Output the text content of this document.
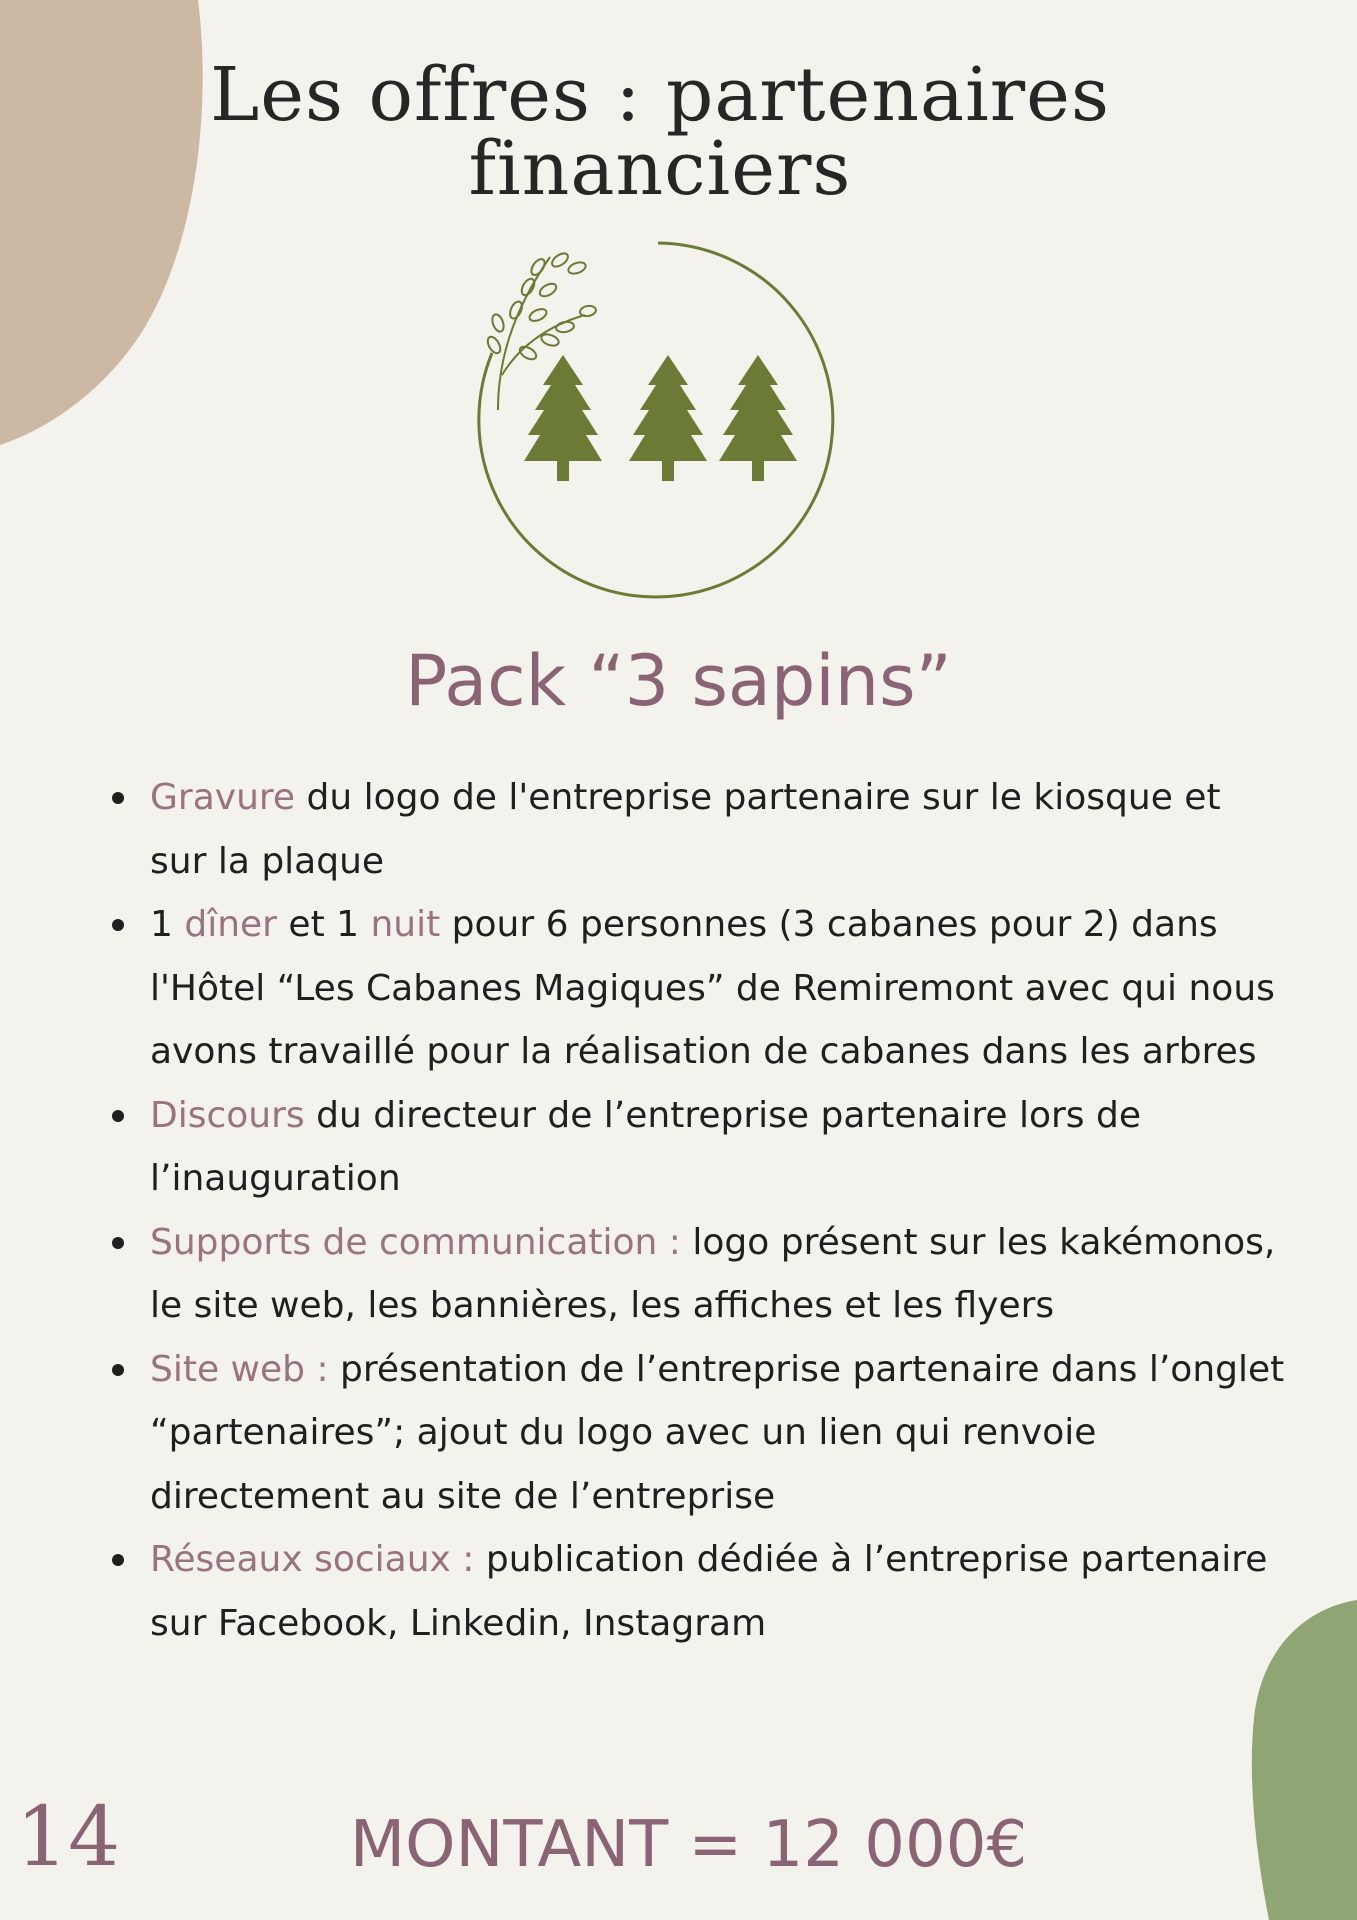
Les offres : partenaires
financiers
Pack “3 sapins”
Gravure du logo de l'entreprise partenaire sur le kiosque et sur la plaque
1 dîner et 1 nuit pour 6 personnes (3 cabanes pour 2) dans l'Hôtel “Les Cabanes Magiques” de Remiremont avec qui nous avons travaillé pour la réalisation de cabanes dans les arbres
Discours du directeur de l’entreprise partenaire lors de l’inauguration
Supports de communication : logo présent sur les kakémonos, le site web, les bannières, les affiches et les flyers
Site web : présentation de l’entreprise partenaire dans l’onglet “partenaires”; ajout du logo avec un lien qui renvoie directement au site de l’entreprise
Réseaux sociaux : publication dédiée à l’entreprise partenaire sur Facebook, Linkedin, Instagram
14	MONTANT = 12 000€
